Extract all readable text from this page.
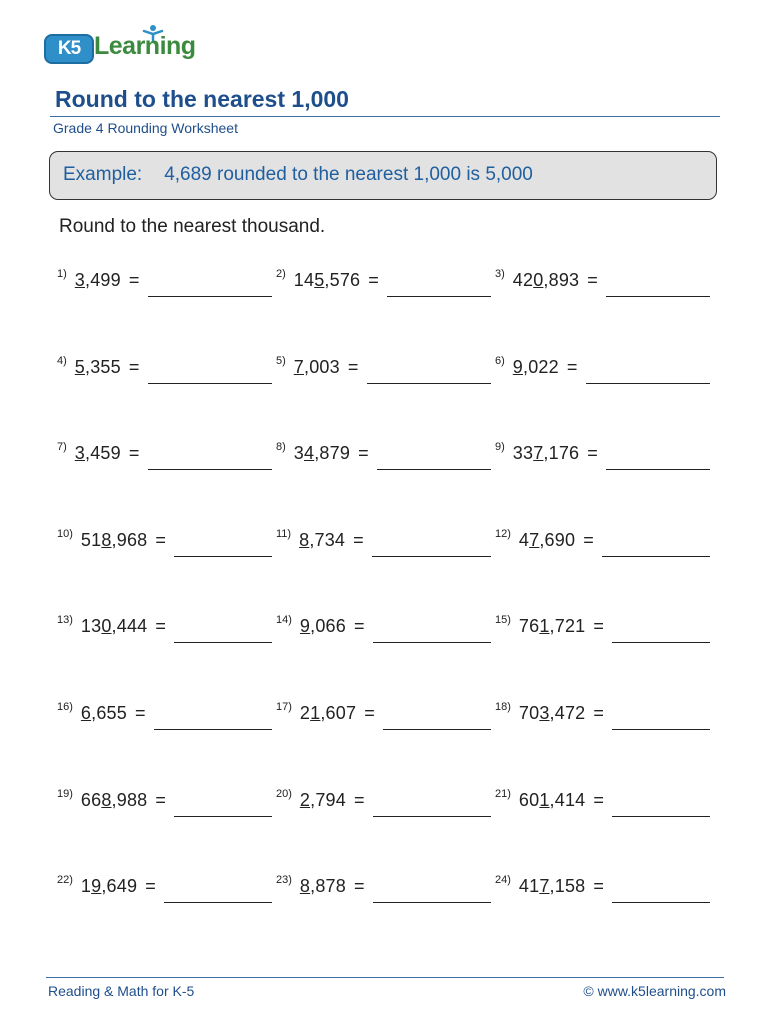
K5 Learning
Round to the nearest 1,000
Grade 4 Rounding Worksheet
Example: 4,689 rounded to the nearest 1,000 is 5,000
Round to the nearest thousand.
$^{1)}$ 3,499 =	$^{2)}$ 145,576 =	$^{3)}$ 420,893 =
$^{4)}$ 5,355 =	$^{5)}$ 7,003 =	$^{6)}$ 9,022 =
$^{7)}$ 3,459 =	$^{8)}$ 34,879 =	$^{9)}$ 337,176 =
$^{10)}$ 518,968 =	$^{11)}$ 8,734 =	$^{12)}$ 47,690 =
$^{13)}$ 130,444 =	$^{14)}$ 9,066 =	$^{15)}$ 761,721 =
$^{16)}$ 6,655 =	$^{17)}$ 21,607 =	$^{18)}$ 703,472 =
$^{19)}$ 668,988 =	$^{20)}$ 2,794 =	$^{21)}$ 601,414 =
$^{22)}$ 19,649 =	$^{23)}$ 8,878 =	$^{24)}$ 417,158 =
Reading & Math for K-5	© www.k5learning.com
